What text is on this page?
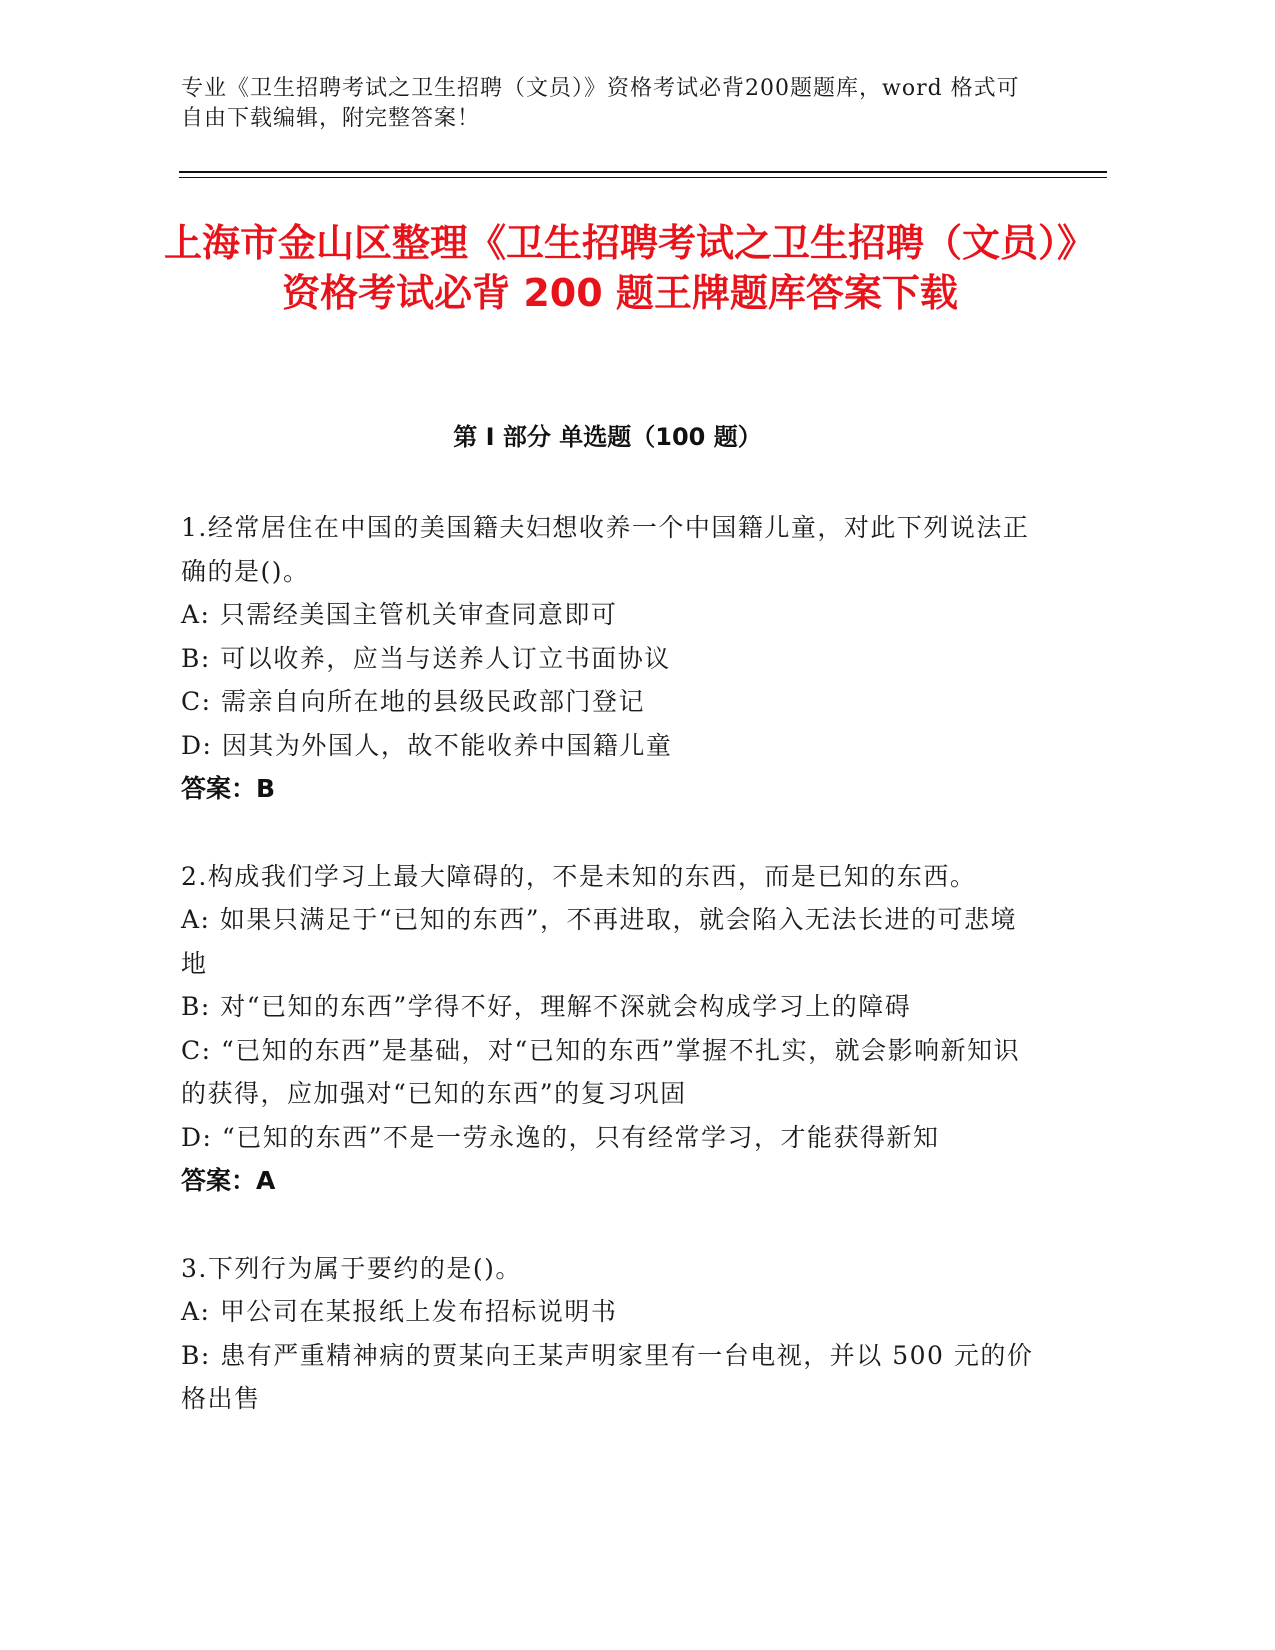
专业《卫生招聘考试之卫生招聘（文员）》资格考试必背200题题库，word 格式可自由下载编辑，附完整答案！
上海市金山区整理《卫生招聘考试之卫生招聘（文员）》资格考试必背 200 题王牌题库答案下载
第 I 部分 单选题（100 题）
1.经常居住在中国的美国籍夫妇想收养一个中国籍儿童，对此下列说法正确的是()。
A: 只需经美国主管机关审查同意即可
B: 可以收养，应当与送养人订立书面协议
C: 需亲自向所在地的县级民政部门登记
D: 因其为外国人，故不能收养中国籍儿童
答案：B
2.构成我们学习上最大障碍的，不是未知的东西，而是已知的东西。
A: 如果只满足于“已知的东西”，不再进取，就会陷入无法长进的可悲境地
B: 对“已知的东西”学得不好，理解不深就会构成学习上的障碍
C: “已知的东西”是基础，对“已知的东西”掌握不扎实，就会影响新知识的获得，应加强对“已知的东西”的复习巩固
D: “已知的东西”不是一劳永逸的，只有经常学习，才能获得新知
答案：A
3.下列行为属于要约的是()。
A: 甲公司在某报纸上发布招标说明书
B: 患有严重精神病的贾某向王某声明家里有一台电视，并以 500 元的价格出售
